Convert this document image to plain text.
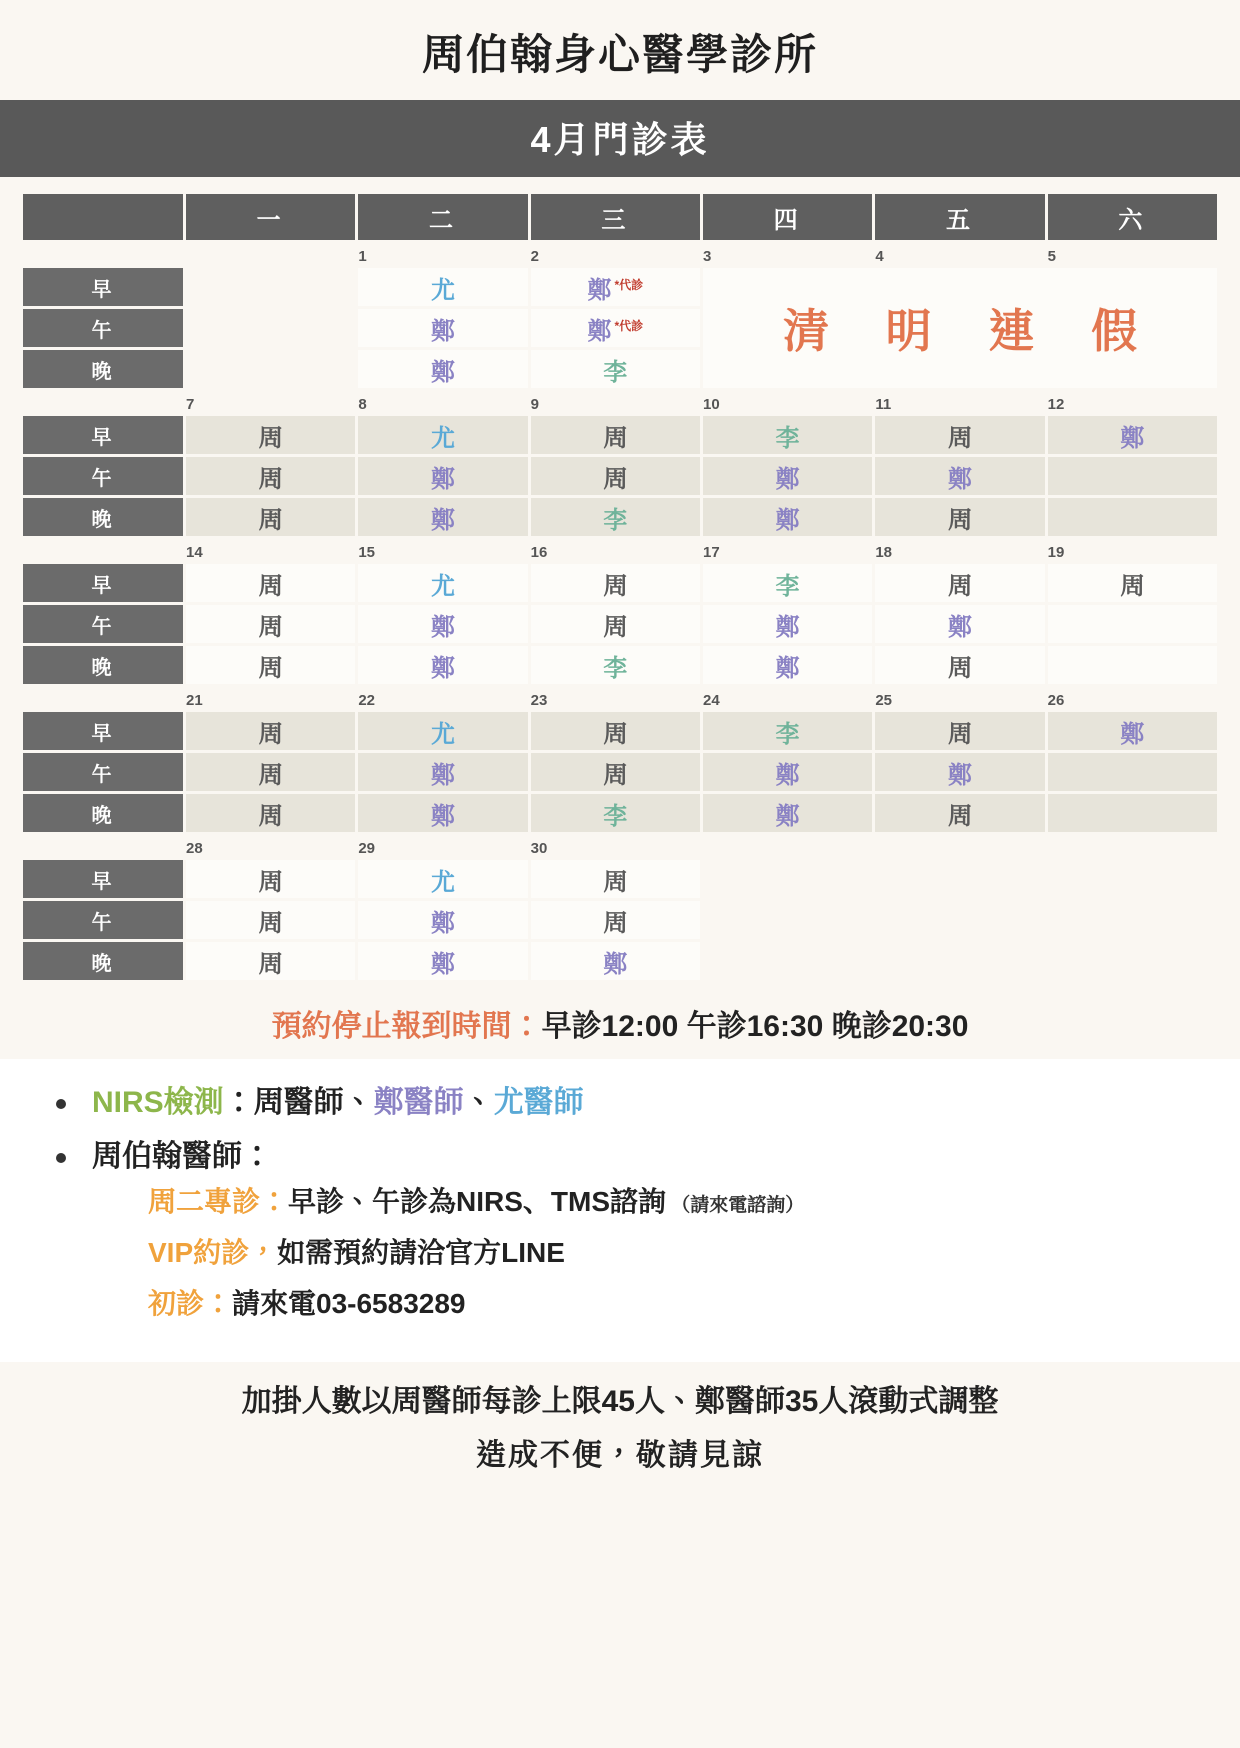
周伯翰身心醫學診所
4月門診表
	一	二	三	四	五	六
		1	2	3	4	5
早		尤	鄭 $^{*代診}$	清 明 連 假		
午		鄭	鄭 $^{*代診}$
晚		鄭	李			
	7	8	9	10	11	12
早	周	尤	周	李	周	鄭
午	周	鄭	周	鄭	鄭	
晚	周	鄭	李	鄭	周	
	14	15	16	17	18	19
早	周	尤	周	李	周	周
午	周	鄭	周	鄭	鄭	
晚	周	鄭	李	鄭	周	
	21	22	23	24	25	26
早	周	尤	周	李	周	鄭
午	周	鄭	周	鄭	鄭	
晚	周	鄭	李	鄭	周	
	28	29	30			
早	周	尤	周			
午	周	鄭	周			
晚	周	鄭	鄭			
預約停止報到時間：早診12:00 午診16:30 晚診20:30
NIRS檢測：周醫師、鄭醫師、尤醫師
周伯翰醫師：
周二專診：早診、午診為NIRS、TMS諮詢 （請來電諮詢）
VIP約診，如需預約請洽官方LINE
初診：請來電03-6583289
加掛人數以周醫師每診上限45人、鄭醫師35人滾動式調整
造成不便，敬請見諒
